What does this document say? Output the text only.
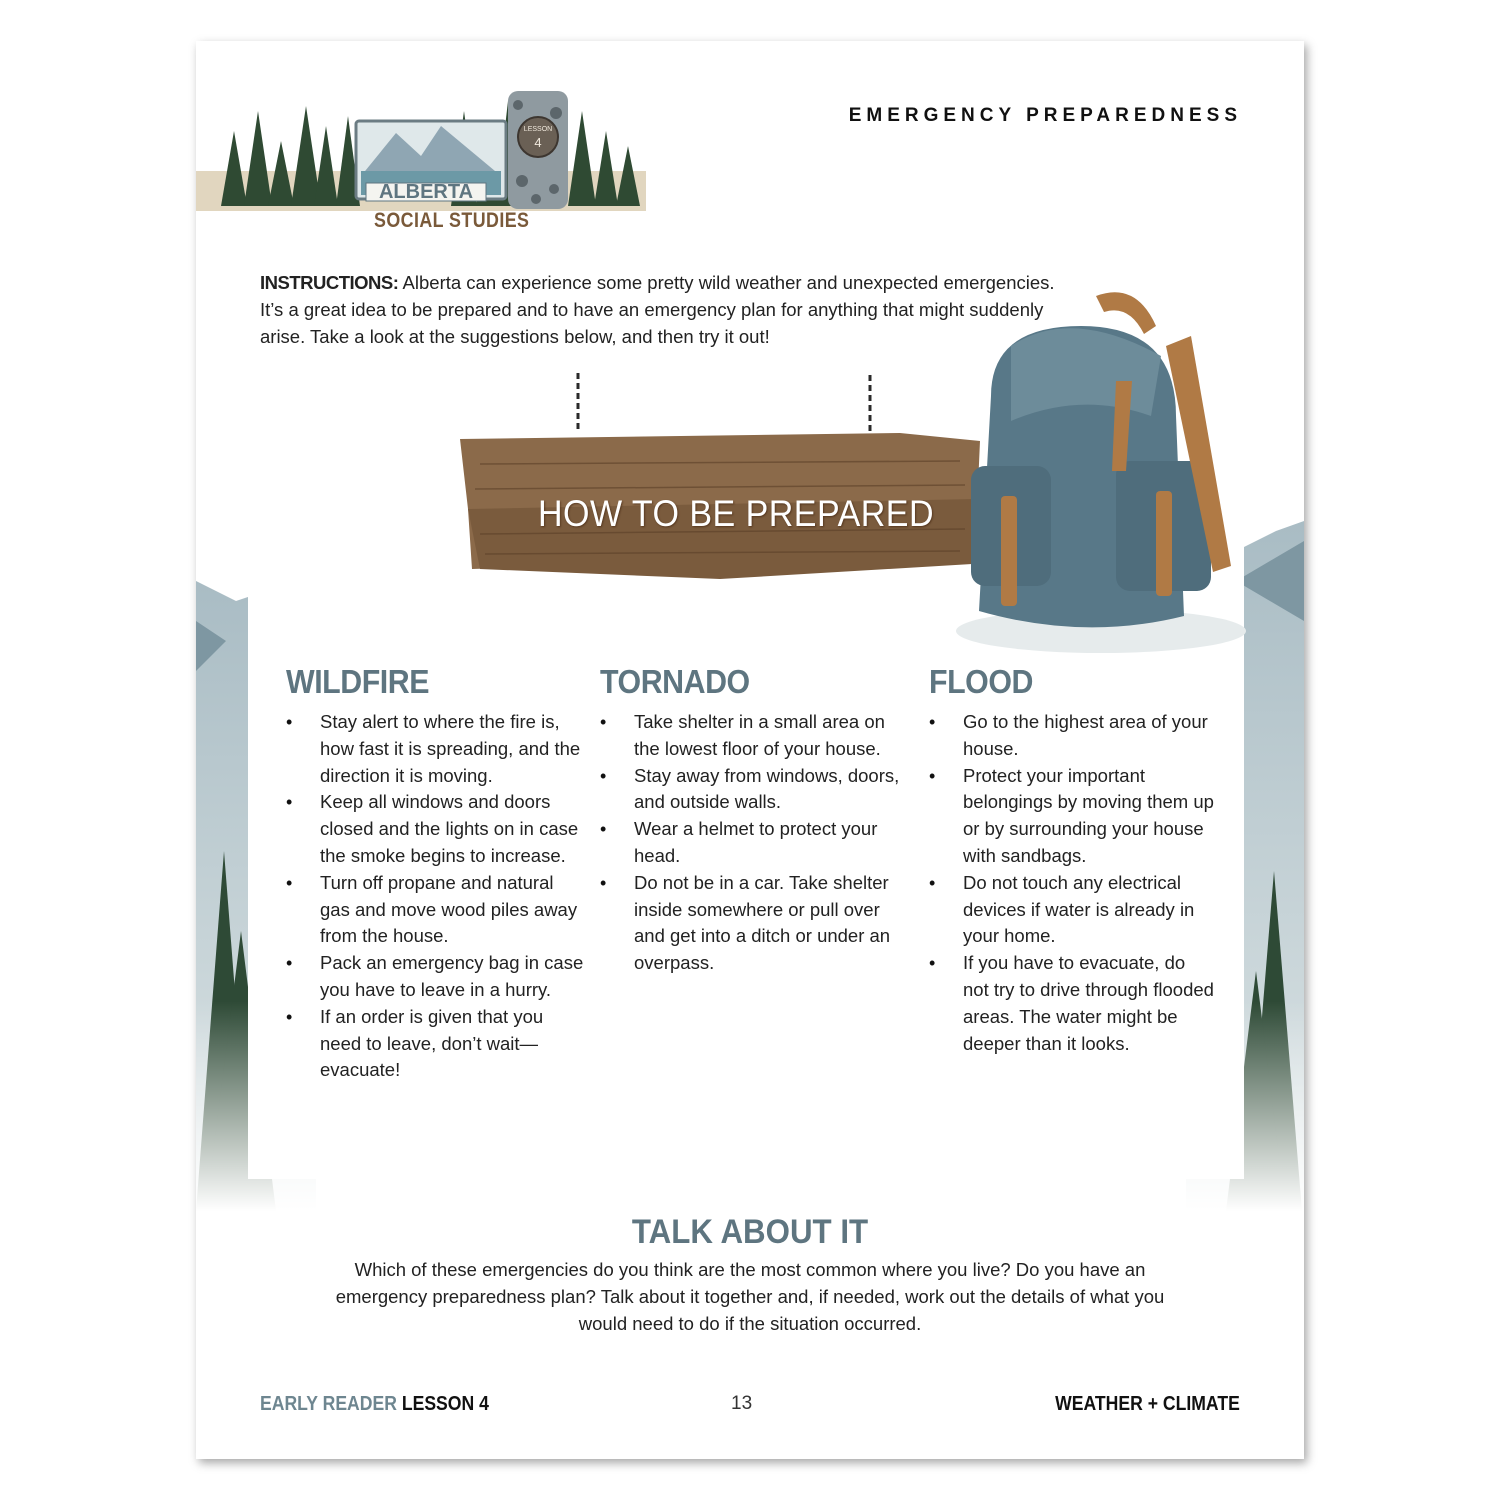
ALBERTA
LESSON
4
SOCIAL STUDIES
EMERGENCY PREPAREDNESS
INSTRUCTIONS: Alberta can experience some pretty wild weather and unexpected emergencies. It’s a great idea to be prepared and to have an emergency plan for anything that might suddenly arise. Take a look at the suggestions below, and then try it out!
HOW TO BE PREPARED
WILDFIRE
• Stay alert to where the fire is, how fast it is spreading, and the direction it is moving.
• Keep all windows and doors closed and the lights on in case the smoke begins to increase.
• Turn off propane and natural gas and move wood piles away from the house.
• Pack an emergency bag in case you have to leave in a hurry.
• If an order is given that you need to leave, don’t wait—evacuate!
TORNADO
• Take shelter in a small area on the lowest floor of your house.
• Stay away from windows, doors, and outside walls.
• Wear a helmet to protect your head.
• Do not be in a car. Take shelter inside somewhere or pull over and get into a ditch or under an overpass.
FLOOD
• Go to the highest area of your house.
• Protect your important belongings by moving them up or by surrounding your house with sandbags.
• Do not touch any electrical devices if water is already in your home.
• If you have to evacuate, do not try to drive through flooded areas. The water might be deeper than it looks.
TALK ABOUT IT

Which of these emergencies do you think are the most common where you live? Do you have an emergency preparedness plan? Talk about it together and, if needed, work out the details of what you would need to do if the situation occurred.

EARLY READER LESSON 4	13	WEATHER + CLIMATE
